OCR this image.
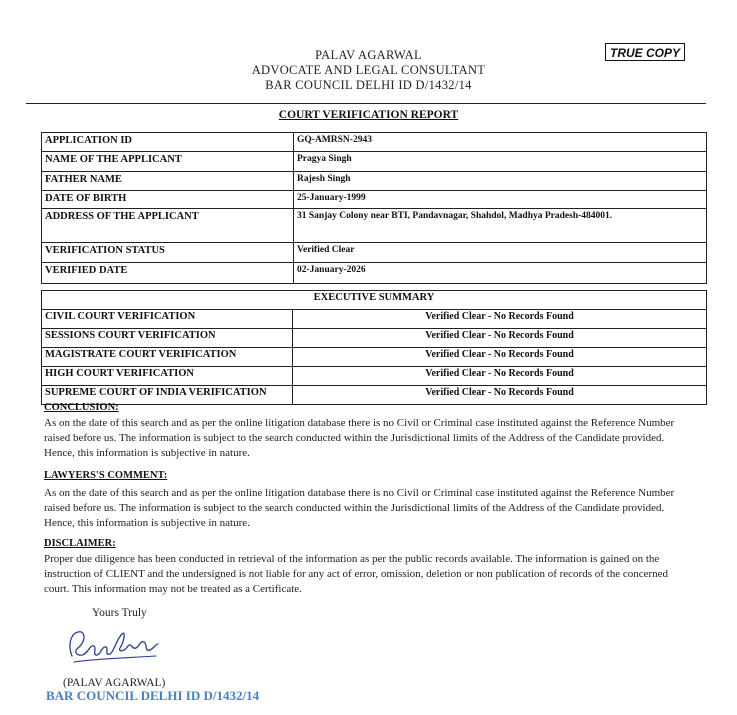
TRUE COPY
PALAV AGARWAL
ADVOCATE AND LEGAL CONSULTANT
BAR COUNCIL DELHI ID D/1432/14
COURT VERIFICATION REPORT
APPLICATION ID	GQ-AMRSN-2943
NAME OF THE APPLICANT	Pragya Singh
FATHER NAME	Rajesh Singh
DATE OF BIRTH	25-January-1999
ADDRESS OF THE APPLICANT	31 Sanjay Colony near BTI, Pandavnagar, Shahdol, Madhya Pradesh-484001.
VERIFICATION STATUS	Verified Clear
VERIFIED DATE	02-January-2026
EXECUTIVE SUMMARY	
CIVIL COURT VERIFICATION	Verified Clear - No Records Found
SESSIONS COURT VERIFICATION	Verified Clear - No Records Found
MAGISTRATE COURT VERIFICATION	Verified Clear - No Records Found
HIGH COURT VERIFICATION	Verified Clear - No Records Found
SUPREME COURT OF INDIA VERIFICATION	Verified Clear - No Records Found
CONCLUSION:
As on the date of this search and as per the online litigation database there is no Civil or Criminal case instituted against the Reference Number raised before us. The information is subject to the search conducted within the Jurisdictional limits of the Address of the Candidate provided. Hence, this information is subjective in nature.
LAWYERS'S COMMENT:
As on the date of this search and as per the online litigation database there is no Civil or Criminal case instituted against the Reference Number raised before us. The information is subject to the search conducted within the Jurisdictional limits of the Address of the Candidate provided. Hence, this information is subjective in nature.
DISCLAIMER:
Proper due diligence has been conducted in retrieval of the information as per the public records available. The information is gained on the instruction of CLIENT and the undersigned is not liable for any act of error, omission, deletion or non publication of records of the concerned court. This information may not be treated as a Certificate.
Yours Truly
(PALAV AGARWAL)
BAR COUNCIL DELHI ID D/1432/14
